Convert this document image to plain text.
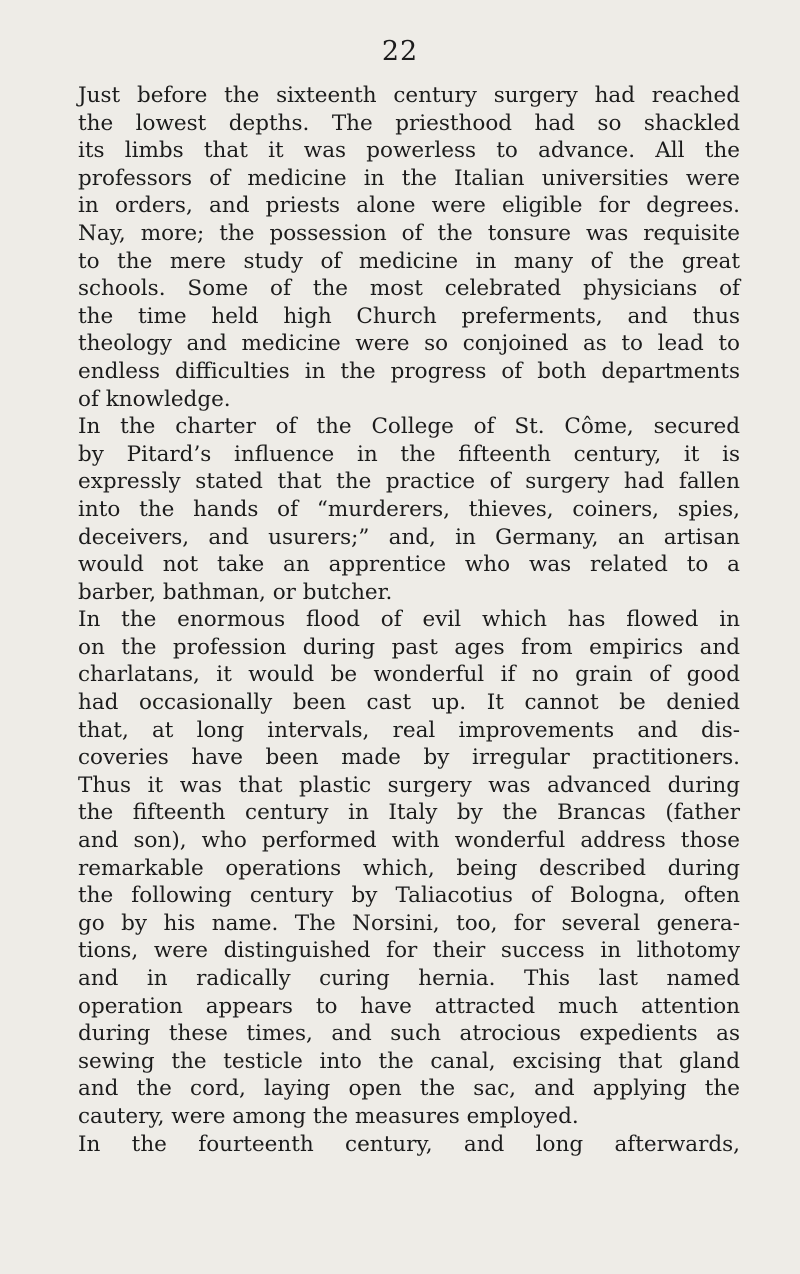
22
Just before the sixteenth century surgery had reached
the lowest depths. The priesthood had so shackled
its limbs that it was powerless to advance. All the
professors of medicine in the Italian universities were
in orders, and priests alone were eligible for degrees.
Nay, more; the possession of the tonsure was requisite
to the mere study of medicine in many of the great
schools. Some of the most celebrated physicians of
the time held high Church preferments, and thus
theology and medicine were so conjoined as to lead to
endless difficulties in the progress of both departments
of knowledge.
In the charter of the College of St. Côme, secured
by Pitard’s influence in the fifteenth century, it is
expressly stated that the practice of surgery had fallen
into the hands of “murderers, thieves, coiners, spies,
deceivers, and usurers;” and, in Germany, an artisan
would not take an apprentice who was related to a
barber, bathman, or butcher.
In the enormous flood of evil which has flowed in
on the profession during past ages from empirics and
charlatans, it would be wonderful if no grain of good
had occasionally been cast up. It cannot be denied
that, at long intervals, real improvements and dis-
coveries have been made by irregular practitioners.
Thus it was that plastic surgery was advanced during
the fifteenth century in Italy by the Brancas (father
and son), who performed with wonderful address those
remarkable operations which, being described during
the following century by Taliacotius of Bologna, often
go by his name. The Norsini, too, for several genera-
tions, were distinguished for their success in lithotomy
and in radically curing hernia. This last named
operation appears to have attracted much attention
during these times, and such atrocious expedients as
sewing the testicle into the canal, excising that gland
and the cord, laying open the sac, and applying the
cautery, were among the measures employed.
In the fourteenth century, and long afterwards,
